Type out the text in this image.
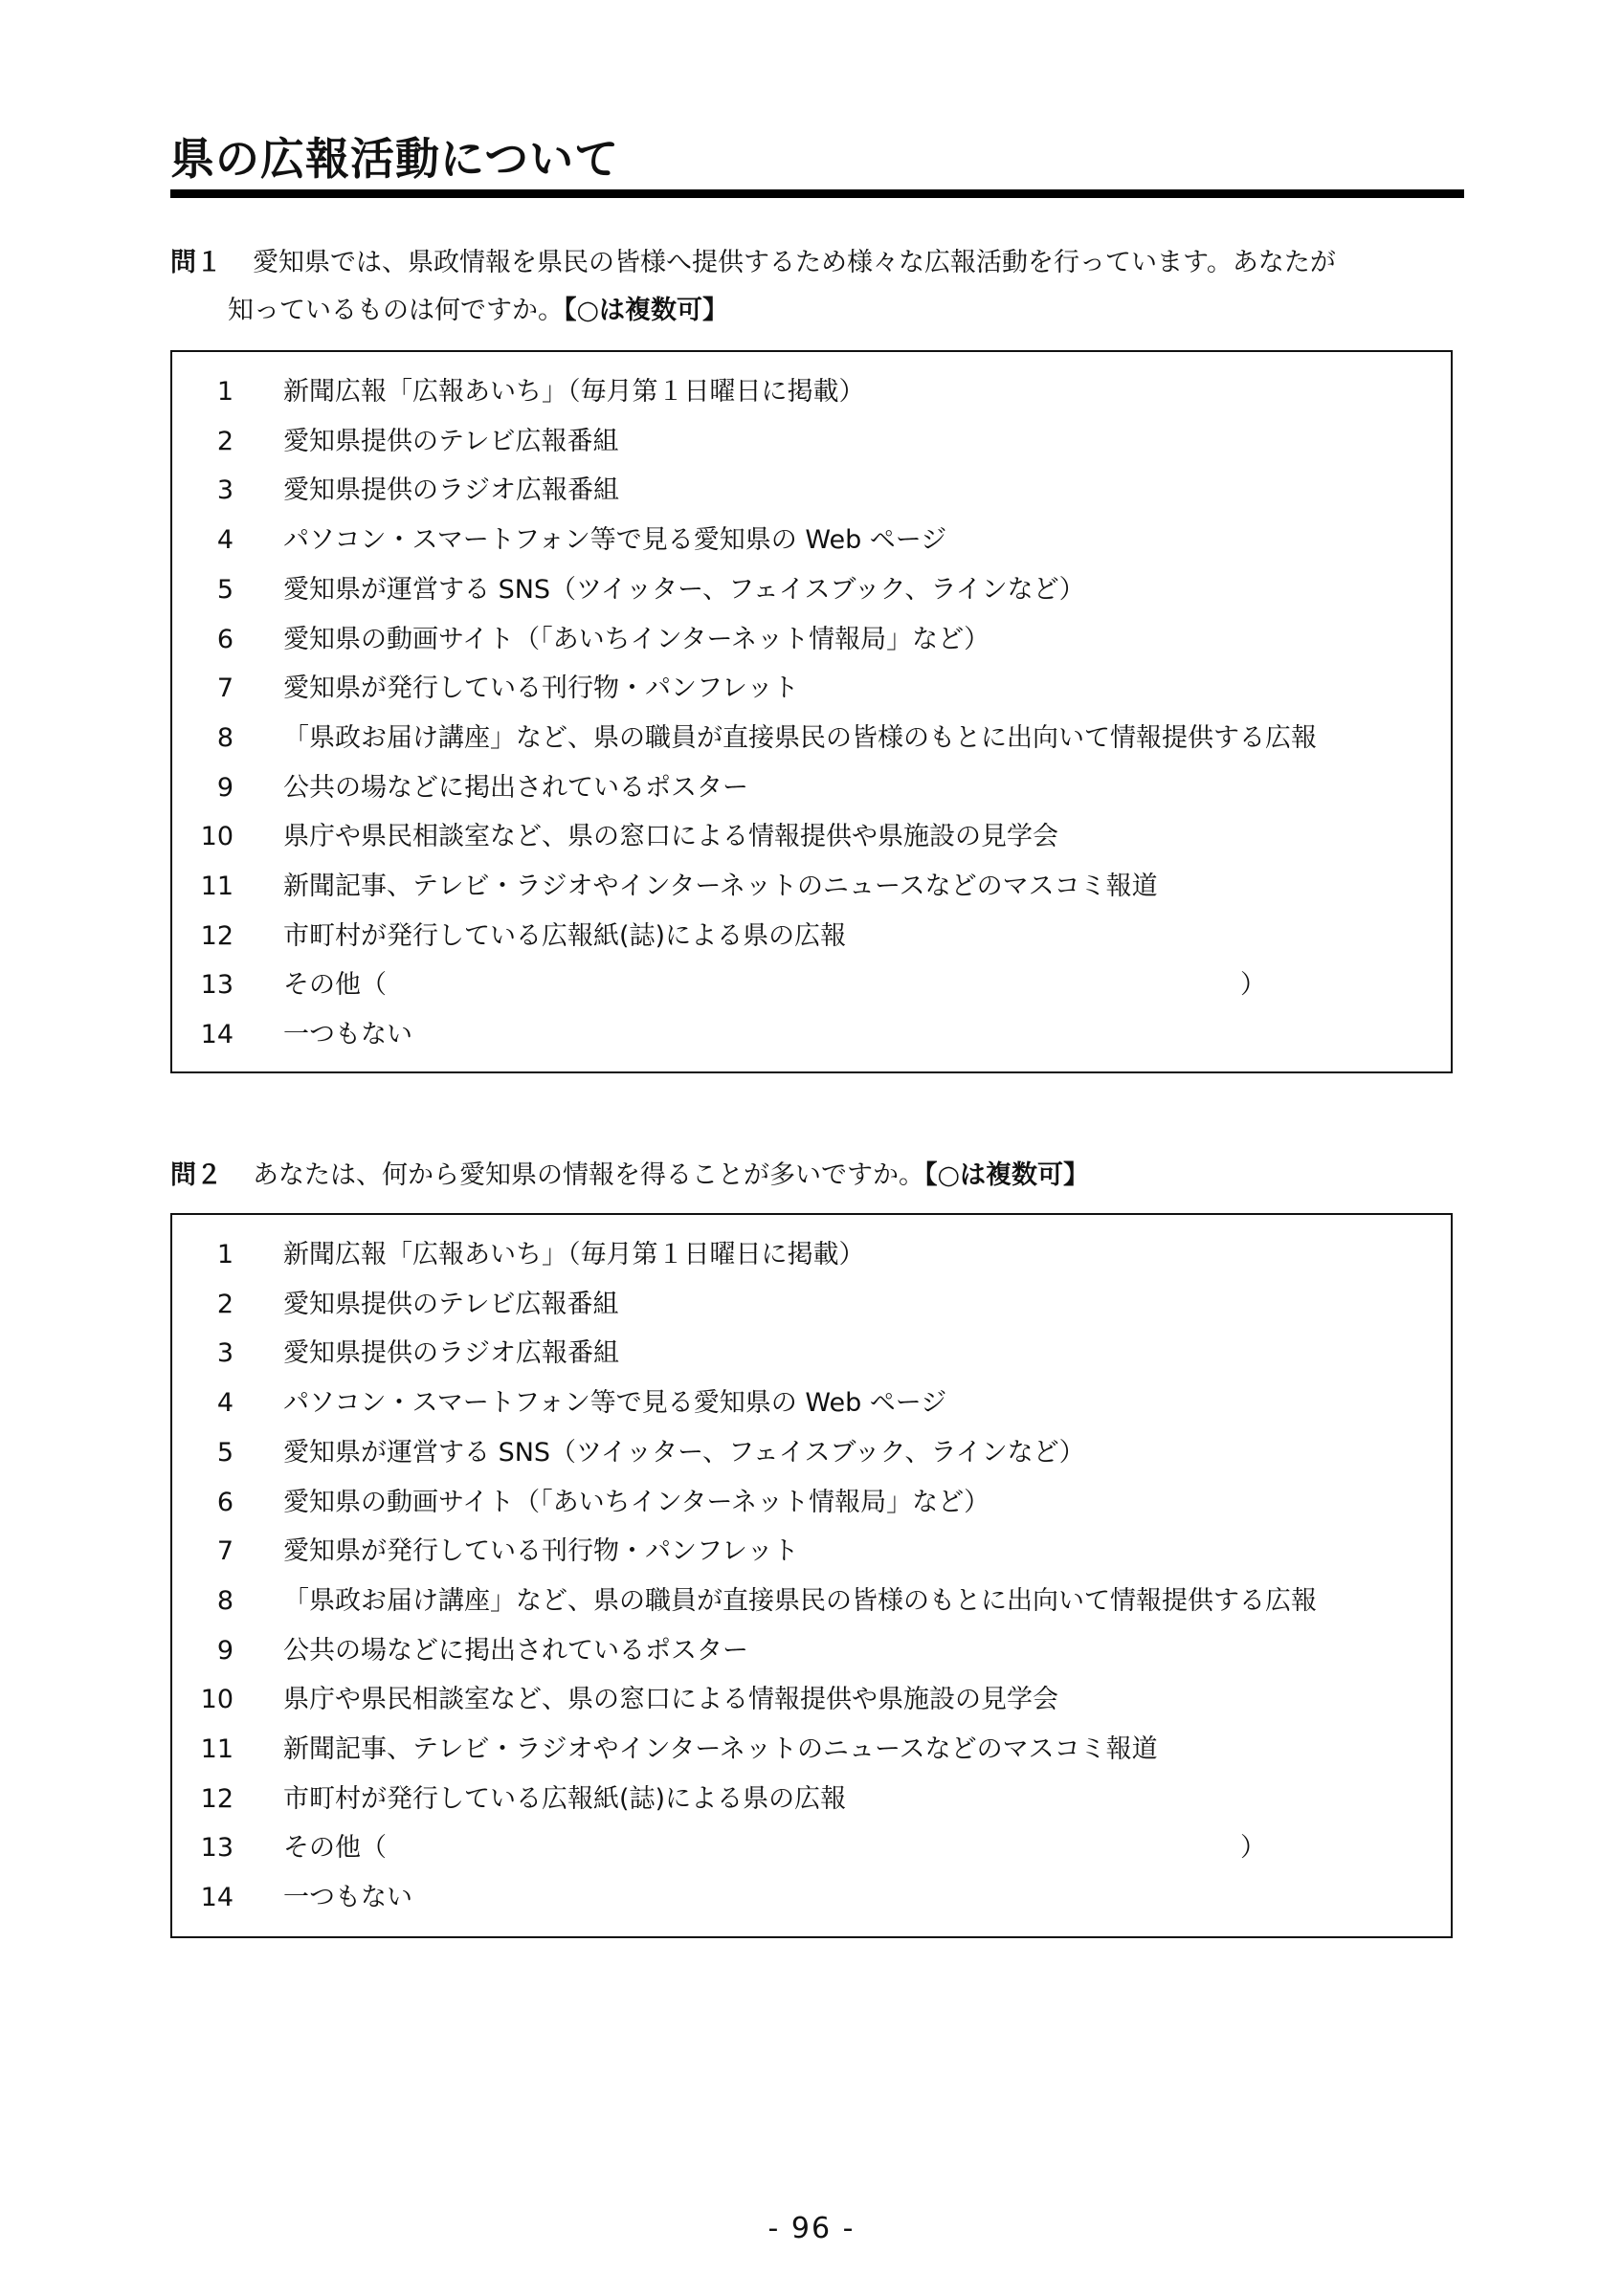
県の広報活動について
問１ 愛知県では、県政情報を県民の皆様へ提供するため様々な広報活動を行っています。あなたが
知っているものは何ですか。【○は複数可】
1 新聞広報「広報あいち」（毎月第１日曜日に掲載）
2 愛知県提供のテレビ広報番組
3 愛知県提供のラジオ広報番組
4 パソコン・スマートフォン等で見る愛知県の Web ページ
5 愛知県が運営する SNS（ツイッター、フェイスブック、ラインなど）
6 愛知県の動画サイト（「あいちインターネット情報局」など）
7 愛知県が発行している刊行物・パンフレット
8 「県政お届け講座」など、県の職員が直接県民の皆様のもとに出向いて情報提供する広報
9 公共の場などに掲出されているポスター
10 県庁や県民相談室など、県の窓口による情報提供や県施設の見学会
11 新聞記事、テレビ・ラジオやインターネットのニュースなどのマスコミ報道
12 市町村が発行している広報紙(誌)による県の広報
13 その他（	）
14 一つもない
問２ あなたは、何から愛知県の情報を得ることが多いですか。【○は複数可】
1 新聞広報「広報あいち」（毎月第１日曜日に掲載）
2 愛知県提供のテレビ広報番組
3 愛知県提供のラジオ広報番組
4 パソコン・スマートフォン等で見る愛知県の Web ページ
5 愛知県が運営する SNS（ツイッター、フェイスブック、ラインなど）
6 愛知県の動画サイト（「あいちインターネット情報局」など）
7 愛知県が発行している刊行物・パンフレット
8 「県政お届け講座」など、県の職員が直接県民の皆様のもとに出向いて情報提供する広報
9 公共の場などに掲出されているポスター
10 県庁や県民相談室など、県の窓口による情報提供や県施設の見学会
11 新聞記事、テレビ・ラジオやインターネットのニュースなどのマスコミ報道
12 市町村が発行している広報紙(誌)による県の広報
13 その他（	）
14 一つもない
- 96 -
